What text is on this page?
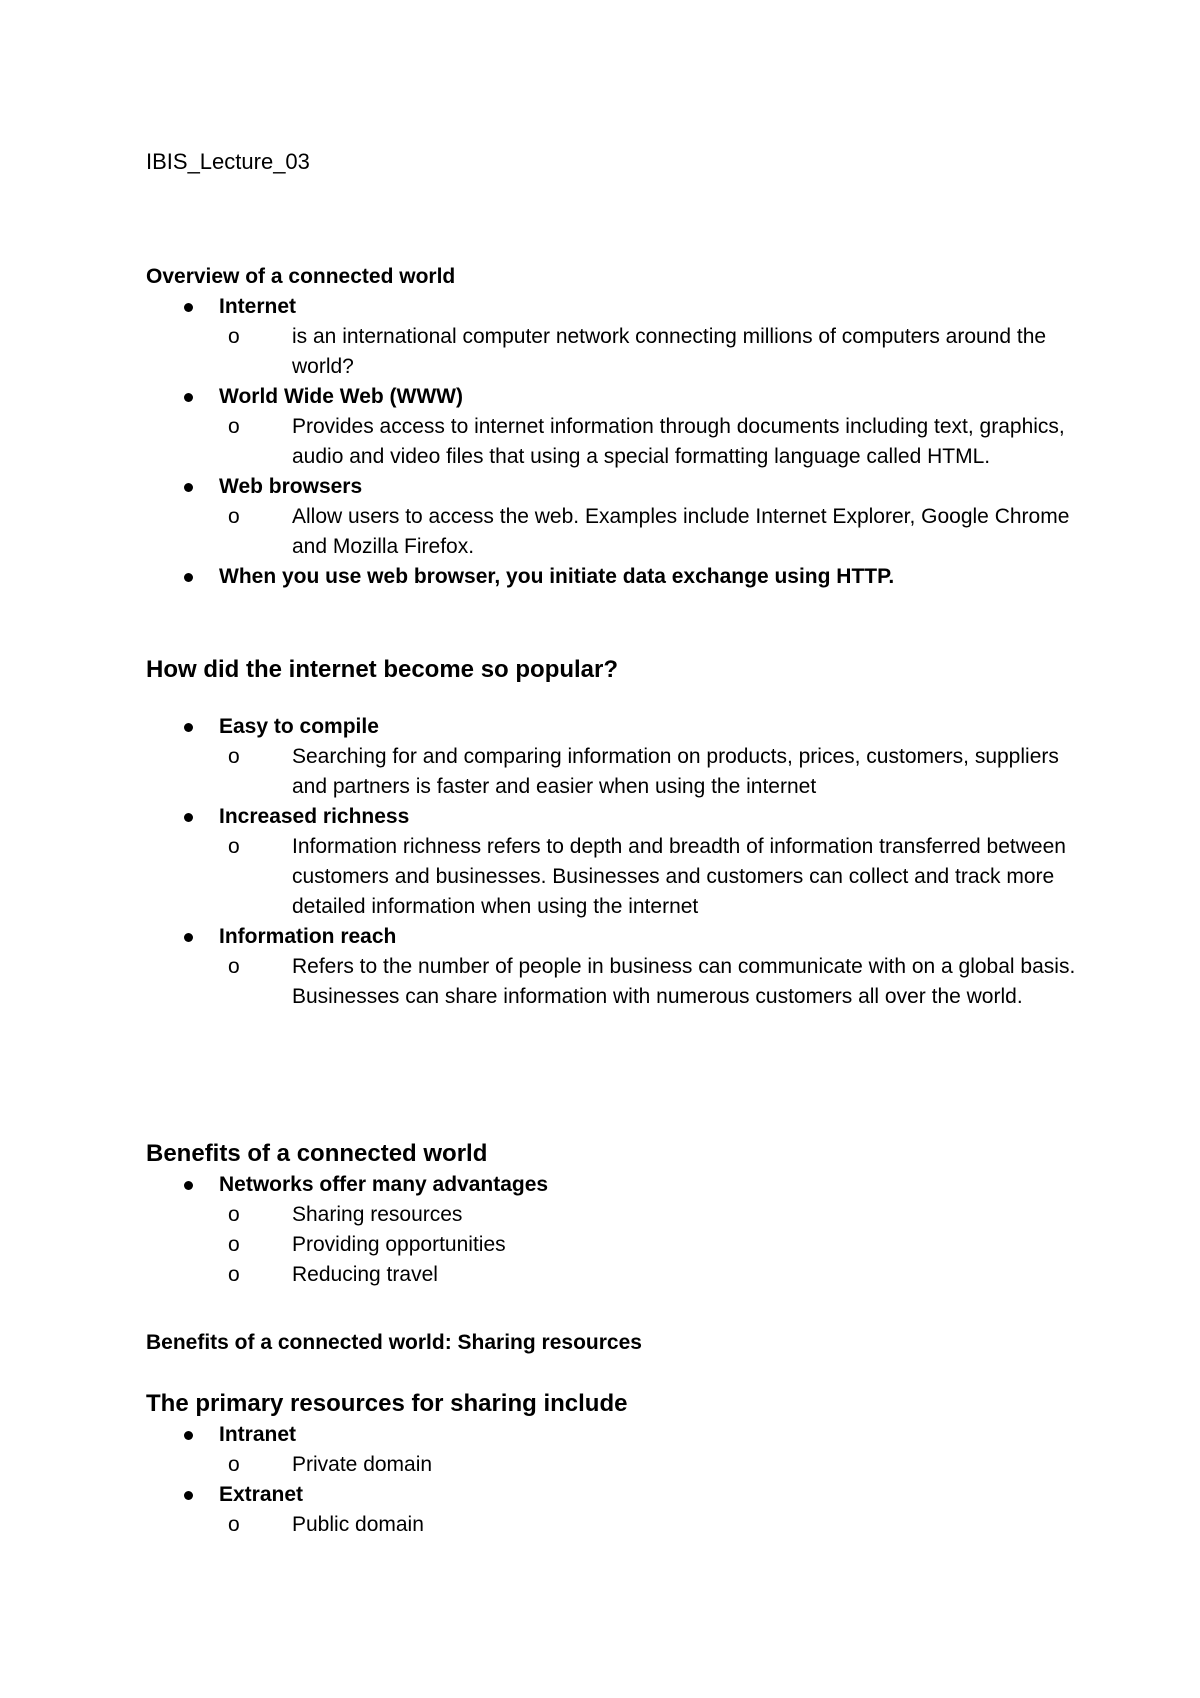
IBIS_Lecture_03
Overview of a connected world
Internet
o is an international computer network connecting millions of computers around the world?
World Wide Web (WWW)
o Provides access to internet information through documents including text, graphics, audio and video files that using a special formatting language called HTML.
Web browsers
o Allow users to access the web. Examples include Internet Explorer, Google Chrome and Mozilla Firefox.
When you use web browser, you initiate data exchange using HTTP.
How did the internet become so popular?
Easy to compile
o Searching for and comparing information on products, prices, customers, suppliers and partners is faster and easier when using the internet
Increased richness
o Information richness refers to depth and breadth of information transferred between customers and businesses. Businesses and customers can collect and track more detailed information when using the internet
Information reach
o Refers to the number of people in business can communicate with on a global basis. Businesses can share information with numerous customers all over the world.
Benefits of a connected world
Networks offer many advantages
o Sharing resources
o Providing opportunities
o Reducing travel
Benefits of a connected world: Sharing resources
The primary resources for sharing include
Intranet
o Private domain
Extranet
o Public domain
